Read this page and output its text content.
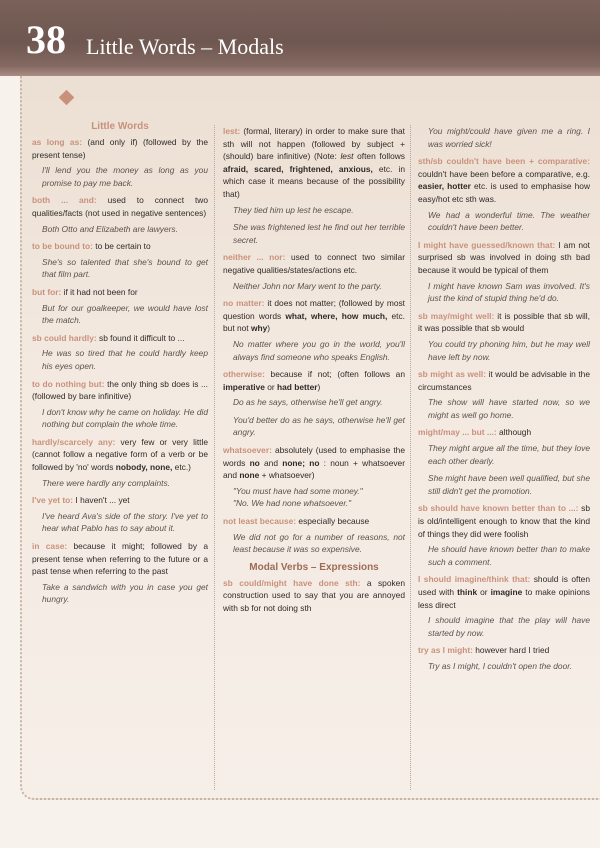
38 Little Words – Modals
Little Words
as long as: (and only if) (followed by the present tense)
I'll lend you the money as long as you promise to pay me back.
both ... and: used to connect two qualities/facts (not used in negative sentences)
Both Otto and Elizabeth are lawyers.
to be bound to: to be certain to
She's so talented that she's bound to get that film part.
but for: if it had not been for
But for our goalkeeper, we would have lost the match.
sb could hardly: sb found it difficult to ...
He was so tired that he could hardly keep his eyes open.
to do nothing but: the only thing sb does is ... (followed by bare infinitive)
I don't know why he came on holiday. He did nothing but complain the whole time.
hardly/scarcely any: very few or very little (cannot follow a negative form of a verb or be followed by 'no' words nobody, none, etc.)
There were hardly any complaints.
I've yet to: I haven't ... yet
I've heard Ava's side of the story. I've yet to hear what Pablo has to say about it.
in case: because it might; followed by a present tense when referring to the future or a past tense when referring to the past
Take a sandwich with you in case you get hungry.
lest: (formal, literary) in order to make sure that sth will not happen (followed by subject + (should) bare infinitive) (Note: lest often follows afraid, scared, frightened, anxious, etc. in which case it means because of the possibility that)
They tied him up lest he escape.
She was frightened lest he find out her terrible secret.
neither ... nor: used to connect two similar negative qualities/states/actions etc.
Neither John nor Mary went to the party.
no matter: it does not matter; (followed by most question words what, where, how much, etc. but not why)
No matter where you go in the world, you'll always find someone who speaks English.
otherwise: because if not; (often follows an imperative or had better)
Do as he says, otherwise he'll get angry.
You'd better do as he says, otherwise he'll get angry.
whatsoever: absolutely (used to emphasise the words no and none; no : noun + whatsoever and none + whatsoever)
"You must have had some money."
"No. We had none whatsoever."
not least because: especially because
We did not go for a number of reasons, not least because it was so expensive.
Modal Verbs – Expressions
sb could/might have done sth: a spoken construction used to say that you are annoyed with sb for not doing sth
You might/could have given me a ring. I was worried sick!
sth/sb couldn't have been + comparative: couldn't have been before a comparative, e.g. easier, hotter etc. is used to emphasise how easy/hot etc sth was.
We had a wonderful time. The weather couldn't have been better.
I might have guessed/known that: I am not surprised sb was involved in doing sth bad because it would be typical of them
I might have known Sam was involved. It's just the kind of stupid thing he'd do.
sb may/might well: it is possible that sb will, it was possible that sb would
You could try phoning him, but he may well have left by now.
sb might as well: it would be advisable in the circumstances
The show will have started now, so we might as well go home.
might/may ... but ...: although
They might argue all the time, but they love each other dearly.
She might have been well qualified, but she still didn't get the promotion.
sb should have known better than to ...: sb is old/intelligent enough to know that the kind of things they did were foolish
He should have known better than to make such a comment.
I should imagine/think that: should is often used with think or imagine to make opinions less direct
I should imagine that the play will have started by now.
try as I might: however hard I tried
Try as I might, I couldn't open the door.
